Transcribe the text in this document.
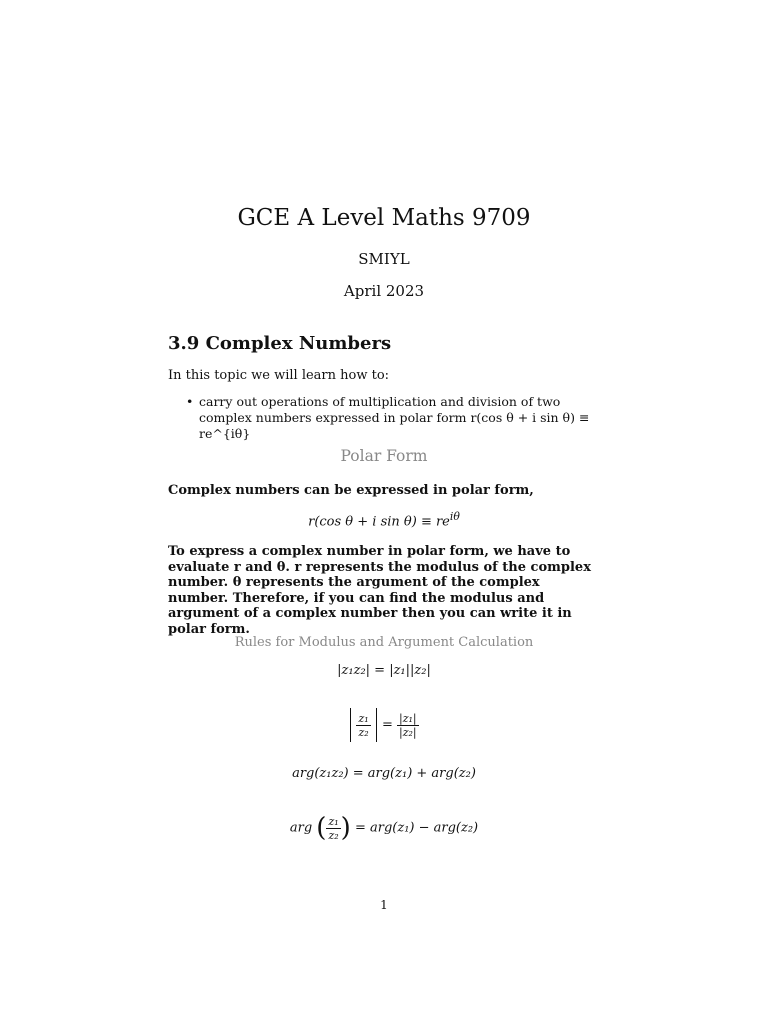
GCE A Level Maths 9709
SMIYL
April 2023
3.9 Complex Numbers
In this topic we will learn how to:
• carry out operations of multiplication and division of two complex numbers expressed in polar form r(cos θ + i sin θ) ≡ re^{iθ}
Polar Form
Complex numbers can be expressed in polar form,
r(cos θ + i $\sin \theta) \equiv re^{i\theta}$
To express a complex number in polar form, we have to evaluate r and θ. r represents the modulus of the complex number. θ represents the argument of the complex number. Therefore, if you can find the modulus and argument of a complex number then you can write it in polar form.
Rules for Modulus and Argument Calculation
|z₁z₂| = |z₁||z₂|

$\frac{\text{z₁}}{\text{z₂}} = \frac{\text{|z₁|}}{\text{|z₂|}}$
arg(z₁z₂) = arg(z₁) + arg(z₂)
arg ( $\frac{\text{z₁}}{\text{z₂}}$ ) = arg(z₁) − arg(z₂)
1
